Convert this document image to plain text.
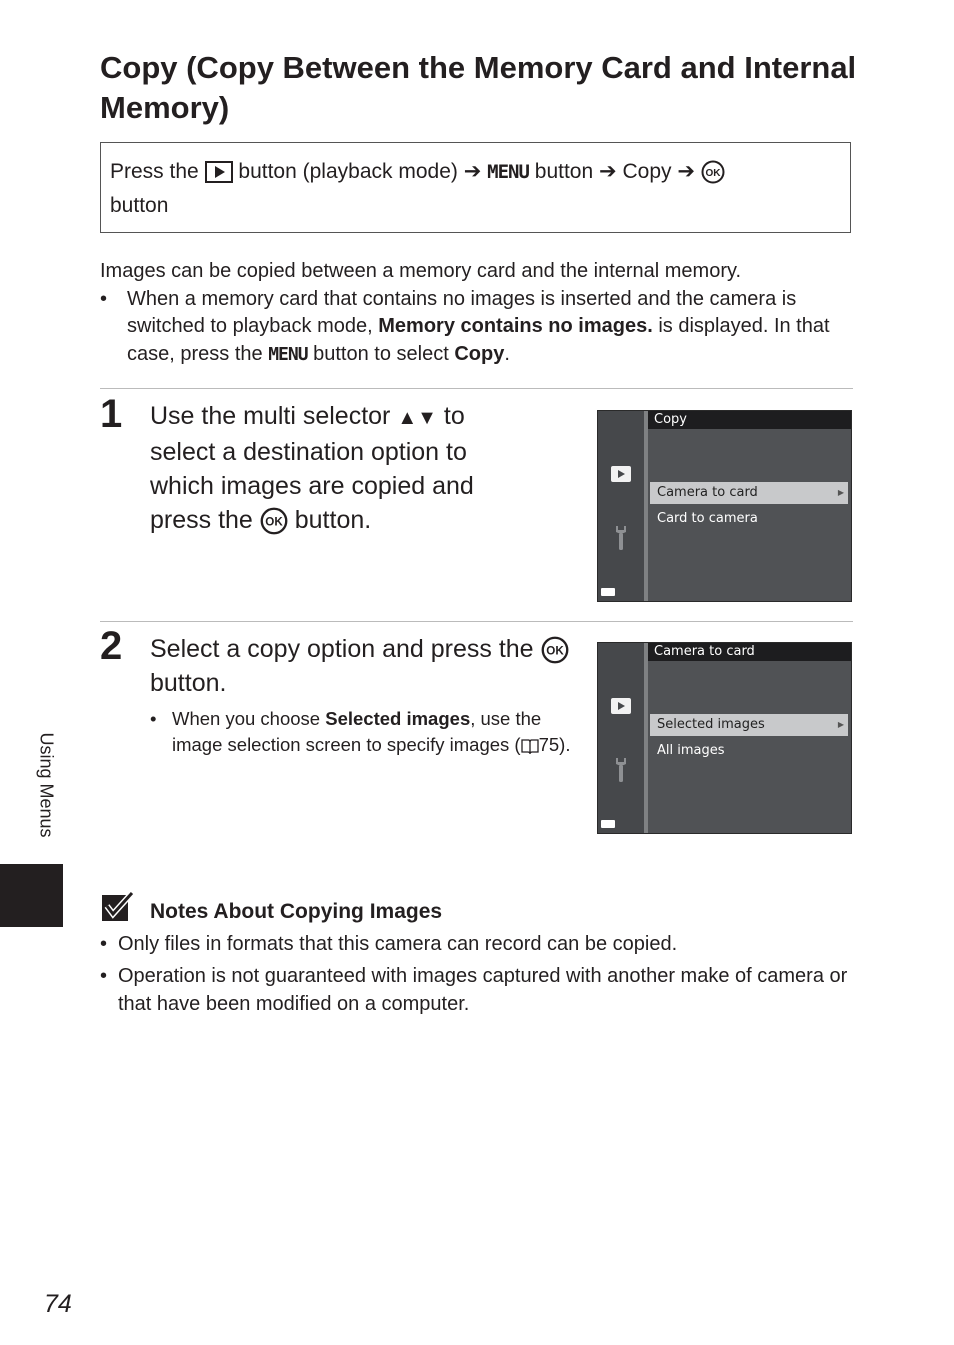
Copy (Copy Between the Memory Card and Internal Memory)
Press the button (playback mode) ➔ MENU button ➔ Copy ➔ OK

button
Images can be copied between a memory card and the internal memory.
• When a memory card that contains no images is inserted and the camera is switched to playback mode, Memory contains no images. is displayed. In that case, press the MENU button to select Copy.
1 Use the multi selector ▲▼ to select a destination option to which images are copied and press the OK button.
Copy
Camera to card	▶
Card to camera
2 Select a copy option and press the OK
button.
• When you choose Selected images, use the image selection screen to specify images ( 75).
Camera to card
Selected images	▶
All images
Notes About Copying Images
• Only files in formats that this camera can record can be copied.
• Operation is not guaranteed with images captured with another make of camera or that have been modified on a computer.
Using Menus
74
